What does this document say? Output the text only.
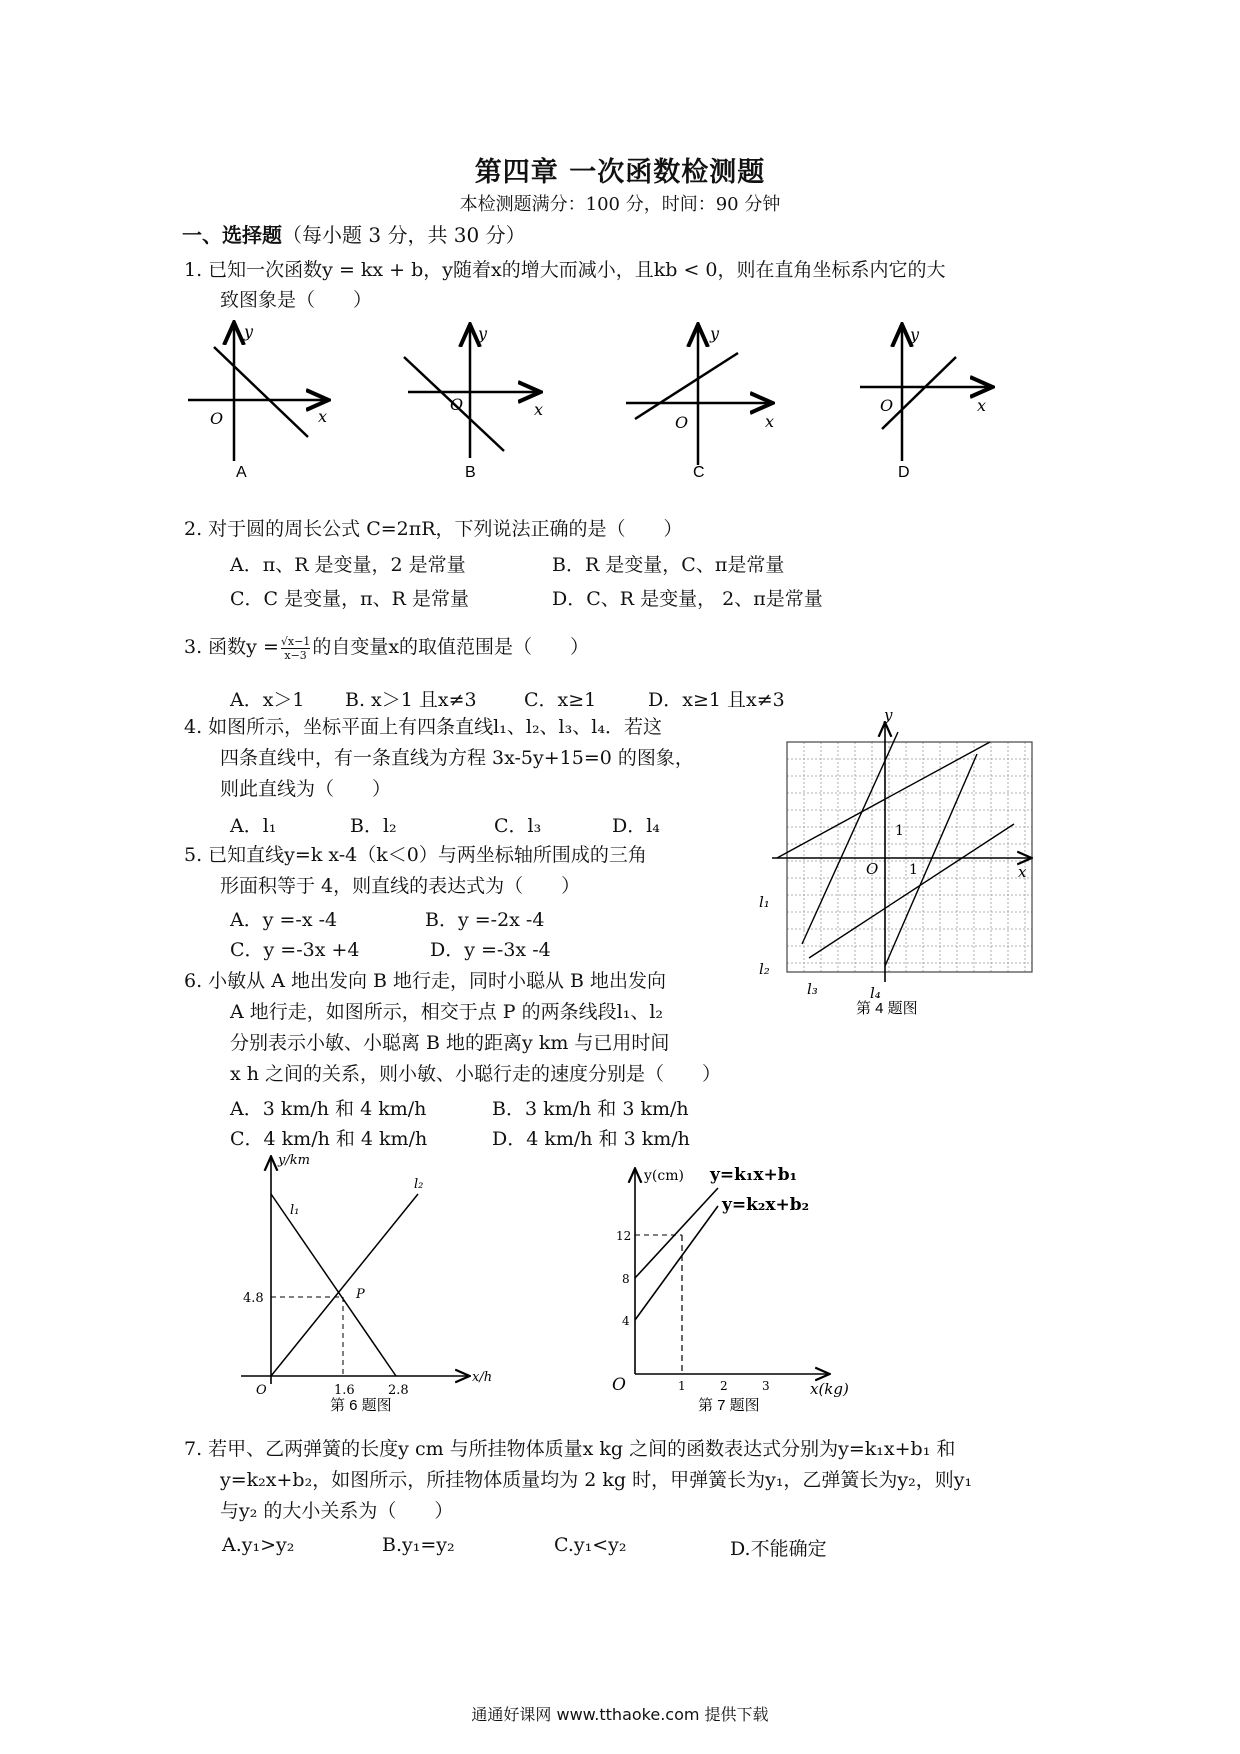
第四章 一次函数检测题
本检测题满分：100 分，时间：90 分钟
一、选择题（每小题 3 分，共 30 分）
1. 已知一次函数y = kx + b，y随着x的增大而减小，且kb < 0，则在直角坐标系内它的大
致图象是（　　）
y
x
O
A
y
x
O
B
y
x
O
C
y
x
O
D
2. 对于圆的周长公式 C=2πR，下列说法正确的是（　　）
A．π、R 是变量，2 是常量	B．R 是变量，C、π是常量
C．C 是变量，π、R 是常量	D．C、R 是变量， 2、π是常量
3. 函数$y = \frac{√x-1}{x-3}$ 的自变量x的取值范围是（　　）
A．x＞1 B. x＞1 且x≠3 C．x≥1	D．x≥1 且x≠3
4. 如图所示，坐标平面上有四条直线l₁、l₂、l₃、l₄．若这
四条直线中，有一条直线为方程 3x-5y+15=0 的图象，
则此直线为（　　）
A．l₁	B．l₂	C．l₃	D．l₄
y
x
O
1
1
l₁
l₂
l₃	l₄
第 4 题图
5. 已知直线y=k x-4（k＜0）与两坐标轴所围成的三角
形面积等于 4，则直线的表达式为（　　）
A．y =-x -4	B．y =-2x -4
C．y =-3x +4	D．y =-3x -4
6. 小敏从 A 地出发向 B 地行走，同时小聪从 B 地出发向
A 地行走，如图所示，相交于点 P 的两条线段l₁、l₂
分别表示小敏、小聪离 B 地的距离y km 与已用时间
x h 之间的关系，则小敏、小聪行走的速度分别是（　　）
A．3 km/h 和 4 km/h	B．3 km/h 和 3 km/h
C．4 km/h 和 4 km/h	D．4 km/h 和 3 km/h
y/km
x/h
O
4.8
1.6	2.8
P
l₁
l₂
第 6 题图
y(cm)
x(kg)
O
4
8
12
1	2	3
y=k₁x+b₁
y=k₂x+b₂
第 7 题图
7. 若甲、乙两弹簧的长度y cm 与所挂物体质量x kg 之间的函数表达式分别为y=k₁x+b₁ 和
y=k₂x+b₂，如图所示，所挂物体质量均为 2 kg 时，甲弹簧长为y₁，乙弹簧长为y₂，则y₁
与y₂ 的大小关系为（　　）
A.y₁>y₂	B.y₁=y₂	C.y₁<y₂	D.不能确定
通通好课网 www.tthaoke.com 提供下载
